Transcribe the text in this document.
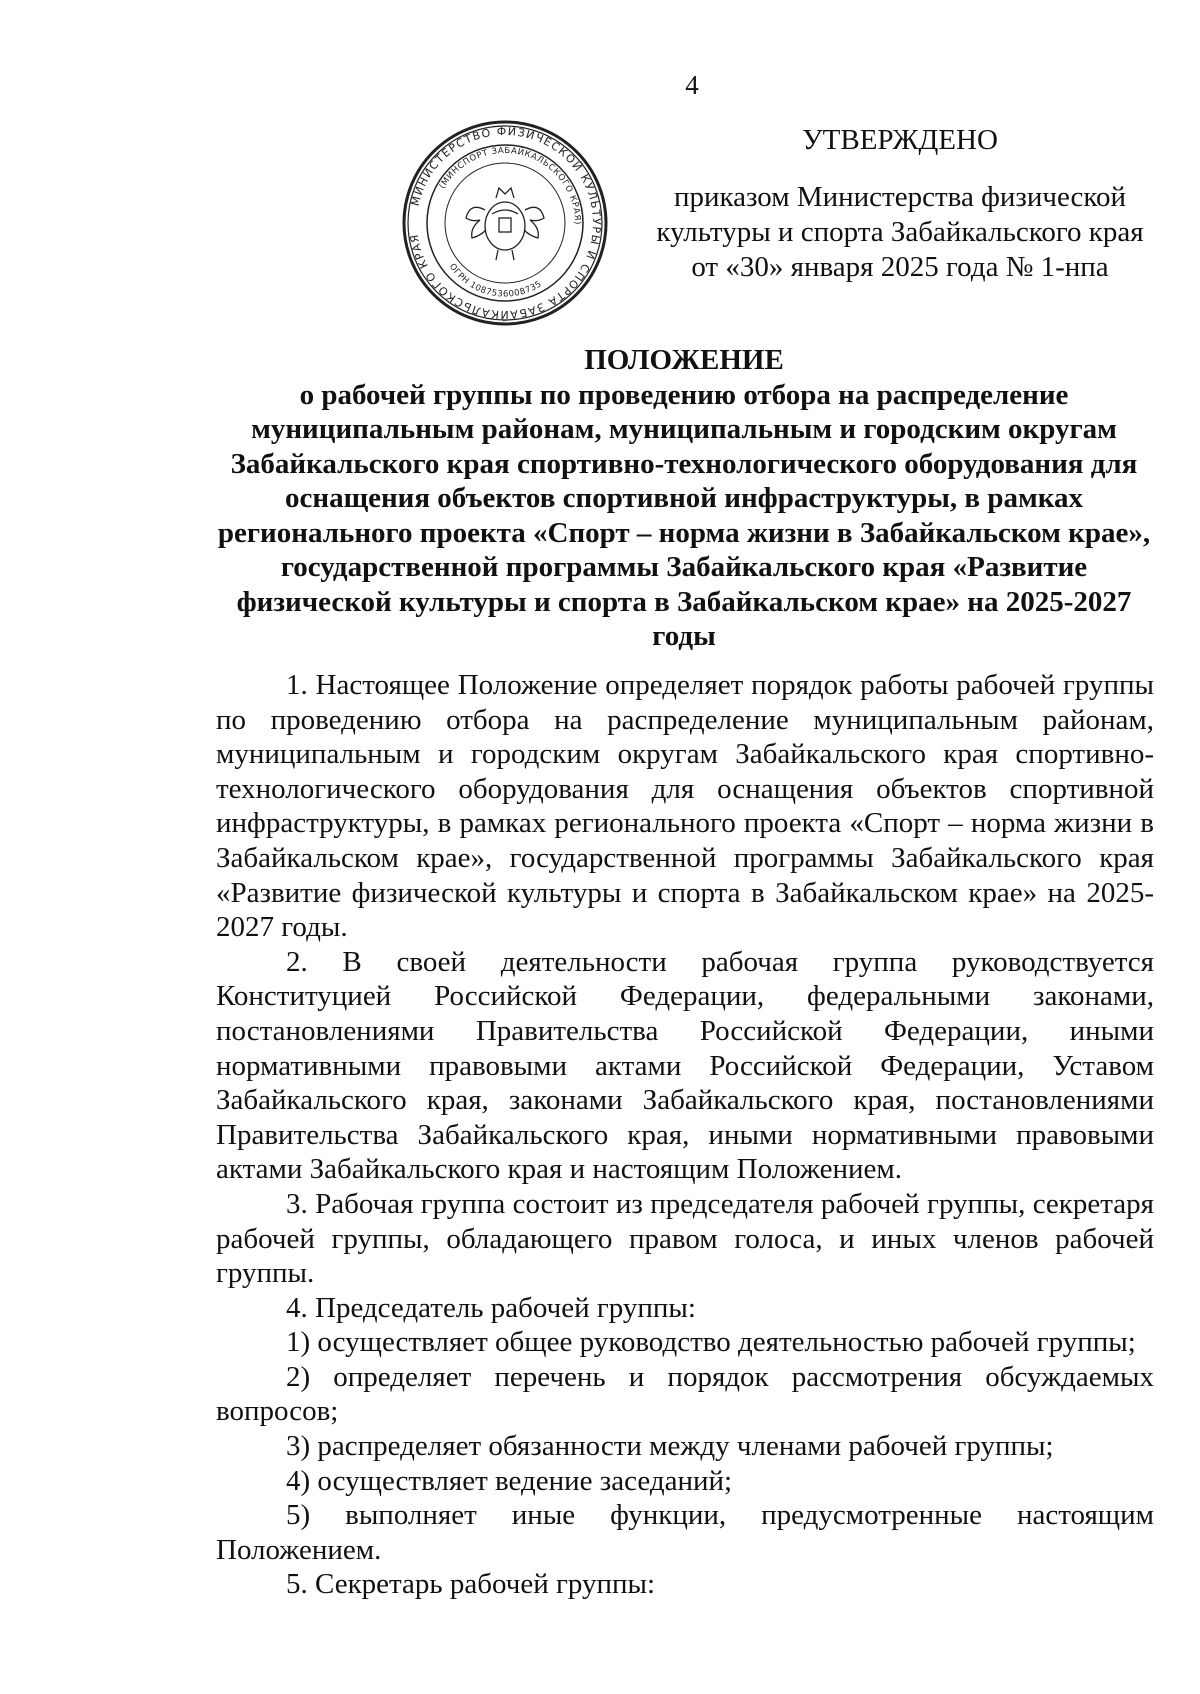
4
УТВЕРЖДЕНО
приказом Министерства физической
культуры и спорта Забайкальского края
от «30» января 2025 года № 1-нпа
МИНИСТЕРСТВО ФИЗИЧЕСКОЙ КУЛЬТУРЫ И СПОРТА ЗАБАЙКАЛЬСКОГО КРАЯ
(МИНСПОРТ ЗАБАЙКАЛЬСКОГО КРАЯ)
ОГРН 1087536008735
ПОЛОЖЕНИЕ
о рабочей группы по проведению отбора на распределение
муниципальным районам, муниципальным и городским округам
Забайкальского края спортивно-технологического оборудования для
оснащения объектов спортивной инфраструктуры, в рамках
регионального проекта «Спорт – норма жизни в Забайкальском крае»,
государственной программы Забайкальского края «Развитие
физической культуры и спорта в Забайкальском крае» на 2025-2027
годы

1. Настоящее Положение определяет порядок работы рабочей группы по проведению отбора на распределение муниципальным районам, муниципальным и городским округам Забайкальского края спортивно-технологического оборудования для оснащения объектов спортивной инфраструктуры, в рамках регионального проекта «Спорт – норма жизни в Забайкальском крае», государственной программы Забайкальского края «Развитие физической культуры и спорта в Забайкальском крае» на 2025-2027 годы.

2. В своей деятельности рабочая группа руководствуется Конституцией Российской Федерации, федеральными законами, постановлениями Правительства Российской Федерации, иными нормативными правовыми актами Российской Федерации, Уставом Забайкальского края, законами Забайкальского края, постановлениями Правительства Забайкальского края, иными нормативными правовыми актами Забайкальского края и настоящим Положением.

3. Рабочая группа состоит из председателя рабочей группы, секретаря рабочей группы, обладающего правом голоса, и иных членов рабочей группы.

4. Председатель рабочей группы:

1) осуществляет общее руководство деятельностью рабочей группы;

2) определяет перечень и порядок рассмотрения обсуждаемых вопросов;

3) распределяет обязанности между членами рабочей группы;

4) осуществляет ведение заседаний;

5) выполняет иные функции, предусмотренные настоящим Положением.

5. Секретарь рабочей группы:
